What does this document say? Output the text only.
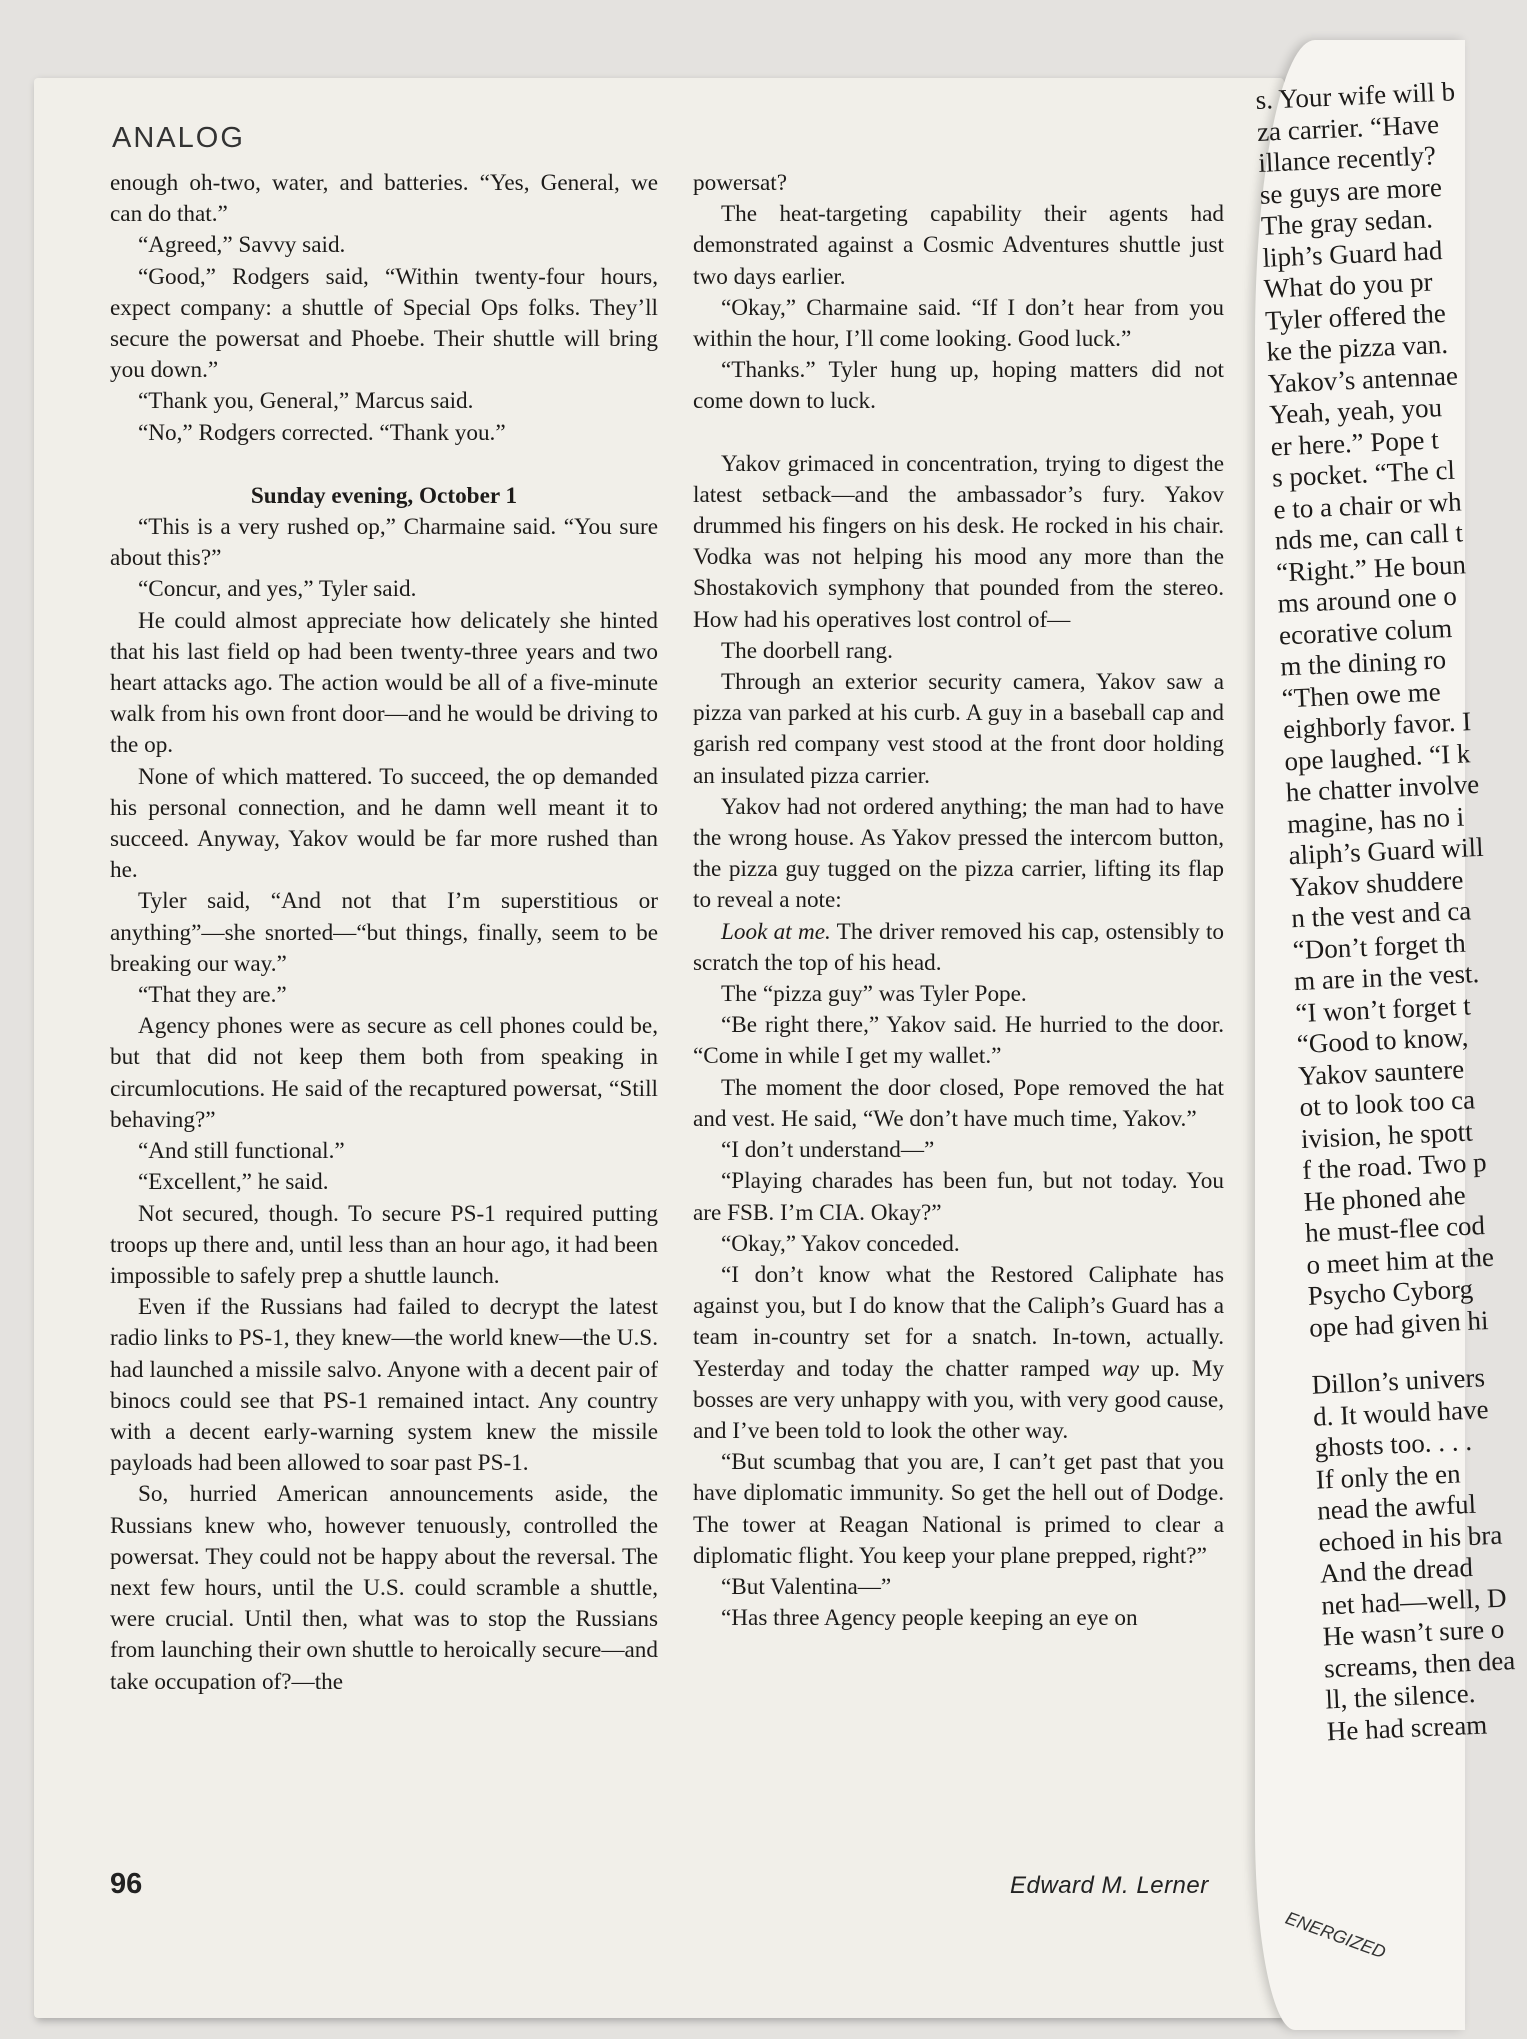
ANALOG

enough oh-two, water, and batteries. “Yes, General, we can do that.”

“Agreed,” Savvy said.

“Good,” Rodgers said, “Within twenty-four hours, expect company: a shuttle of Special Ops folks. They’ll secure the powersat and Phoebe. Their shuttle will bring you down.”

“Thank you, General,” Marcus said.

“No,” Rodgers corrected. “Thank you.”

Sunday evening, October 1

“This is a very rushed op,” Charmaine said. “You sure about this?”

“Concur, and yes,” Tyler said.

He could almost appreciate how delicately she hinted that his last field op had been twenty-three years and two heart attacks ago. The action would be all of a five-minute walk from his own front door—and he would be driving to the op.

None of which mattered. To succeed, the op demanded his personal connection, and he damn well meant it to succeed. Anyway, Yakov would be far more rushed than he.

Tyler said, “And not that I’m superstitious or anything”—she snorted—“but things, finally, seem to be breaking our way.”

“That they are.”

Agency phones were as secure as cell phones could be, but that did not keep them both from speaking in circumlocutions. He said of the recaptured powersat, “Still behaving?”

“And still functional.”

“Excellent,” he said.

Not secured, though. To secure PS-1 required putting troops up there and, until less than an hour ago, it had been impossible to safely prep a shuttle launch.

Even if the Russians had failed to decrypt the latest radio links to PS-1, they knew—the world knew—the U.S. had launched a missile salvo. Anyone with a decent pair of binocs could see that PS-1 remained intact. Any country with a decent early-warning system knew the missile payloads had been allowed to soar past PS-1.

So, hurried American announcements aside, the Russians knew who, however tenuously, controlled the powersat. They could not be happy about the reversal. The next few hours, until the U.S. could scramble a shuttle, were crucial. Until then, what was to stop the Russians from launching their own shuttle to heroically secure—and take occupation of?—the

powersat?

The heat-targeting capability their agents had demonstrated against a Cosmic Adventures shuttle just two days earlier.

“Okay,” Charmaine said. “If I don’t hear from you within the hour, I’ll come looking. Good luck.”

“Thanks.” Tyler hung up, hoping matters did not come down to luck.

Yakov grimaced in concentration, trying to digest the latest setback—and the ambassador’s fury. Yakov drummed his fingers on his desk. He rocked in his chair. Vodka was not helping his mood any more than the Shostakovich symphony that pounded from the stereo. How had his operatives lost control of—

The doorbell rang.

Through an exterior security camera, Yakov saw a pizza van parked at his curb. A guy in a baseball cap and garish red company vest stood at the front door holding an insulated pizza carrier.

Yakov had not ordered anything; the man had to have the wrong house. As Yakov pressed the intercom button, the pizza guy tugged on the pizza carrier, lifting its flap to reveal a note:

Look at me. The driver removed his cap, ostensibly to scratch the top of his head.

The “pizza guy” was Tyler Pope.

“Be right there,” Yakov said. He hurried to the door. “Come in while I get my wallet.”

The moment the door closed, Pope removed the hat and vest. He said, “We don’t have much time, Yakov.”

“I don’t understand—”

“Playing charades has been fun, but not today. You are FSB. I’m CIA. Okay?”

“Okay,” Yakov conceded.

“I don’t know what the Restored Caliphate has against you, but I do know that the Caliph’s Guard has a team in-country set for a snatch. In-town, actually. Yesterday and today the chatter ramped way up. My bosses are very unhappy with you, with very good cause, and I’ve been told to look the other way.

“But scumbag that you are, I can’t get past that you have diplomatic immunity. So get the hell out of Dodge. The tower at Reagan National is primed to clear a diplomatic flight. You keep your plane prepped, right?”

“But Valentina—”

“Has three Agency people keeping an eye on

96	Edward M. Lerner
s. Your wife will b
za carrier. “Have
illance recently?
se guys are more
The gray sedan.
liph’s Guard had
What do you pr
Tyler offered the
ke the pizza van.
Yakov’s antennae
Yeah, yeah, you
er here.” Pope t
s pocket. “The cl
e to a chair or wh
nds me, can call t
“Right.” He boun
ms around one o
ecorative colum
m the dining ro
“Then owe me
eighborly favor. I
ope laughed. “I k
he chatter involve
magine, has no i
aliph’s Guard will
Yakov shuddere
n the vest and ca
“Don’t forget th
m are in the vest.
“I won’t forget t
“Good to know,
Yakov sauntere
ot to look too ca
ivision, he spott
f the road. Two p
He phoned ahe
he must-flee cod
o meet him at the
Psycho Cyborg
ope had given hi
Dillon’s univers
d. It would have
ghosts too. . . .
If only the en
nead the awful
echoed in his bra
And the dread
net had—well, D
He wasn’t sure o
screams, then dea
ll, the silence.
He had scream
ENERGIZED
